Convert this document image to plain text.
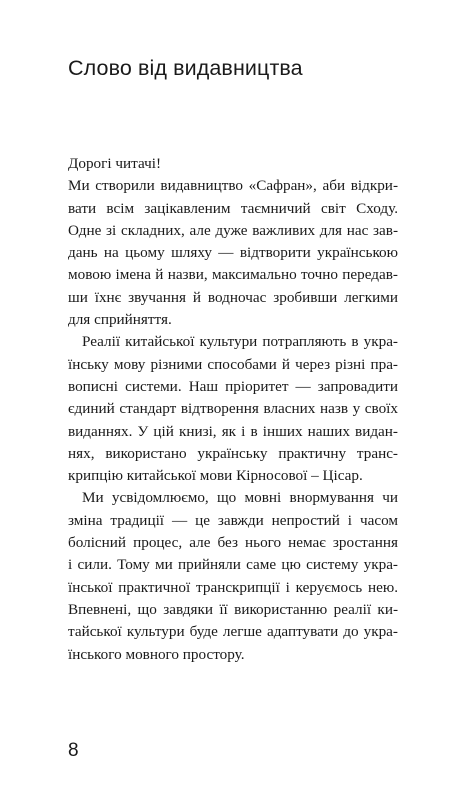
Слово від видавництва
Дорогі читачі!
Ми створили видавництво «Сафран», аби відкри-
вати всім зацікавленим таємничий світ Сходу.
Одне зі складних, але дуже важливих для нас зав-
дань на цьому шляху — відтворити українською
мовою імена й назви, максимально точно передав-
ши їхнє звучання й водночас зробивши легкими
для сприйняття.
Реалії китайської культури потрапляють в укра-
їнську мову різними способами й через різні пра-
вописні системи. Наш пріоритет — запровадити
єдиний стандарт відтворення власних назв у своїх
виданнях. У цій книзі, як і в інших наших видан-
нях, використано українську практичну транс-
крипцію китайської мови Кірносової – Цісар.
Ми усвідомлюємо, що мовні внормування чи
зміна традиції — це завжди непростий і часом
болісний процес, але без нього немає зростання
і сили. Тому ми прийняли саме цю систему укра-
їнської практичної транскрипції і керуємось нею.
Впевнені, що завдяки її використанню реалії ки-
тайської культури буде легше адаптувати до укра-
їнського мовного простору.
8
